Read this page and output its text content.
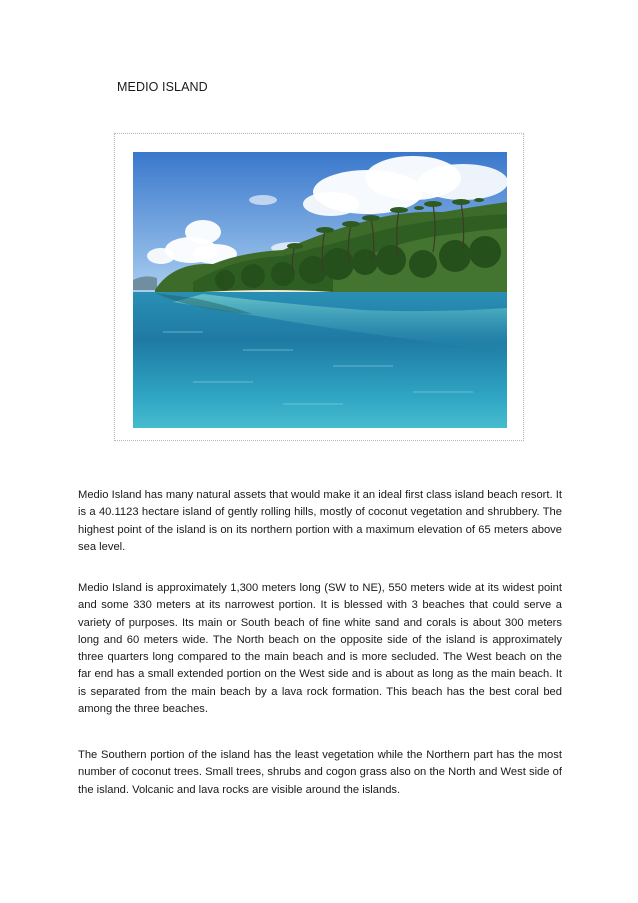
MEDIO ISLAND

Medio Island has many natural assets that would make it an ideal first class island beach resort. It is a 40.1123 hectare island of gently rolling hills, mostly of coconut vegetation and shrubbery. The highest point of the island is on its northern portion with a maximum elevation of 65 meters above sea level.

Medio Island is approximately 1,300 meters long (SW to NE), 550 meters wide at its widest point and some 330 meters at its narrowest portion. It is blessed with 3 beaches that could serve a variety of purposes. Its main or South beach of fine white sand and corals is about 300 meters long and 60 meters wide. The North beach on the opposite side of the island is approximately three quarters long compared to the main beach and is more secluded. The West beach on the far end has a small extended portion on the West side and is about as long as the main beach. It is separated from the main beach by a lava rock formation. This beach has the best coral bed among the three beaches.

The Southern portion of the island has the least vegetation while the Northern part has the most number of coconut trees. Small trees, shrubs and cogon grass also on the North and West side of the island. Volcanic and lava rocks are visible around the islands.
